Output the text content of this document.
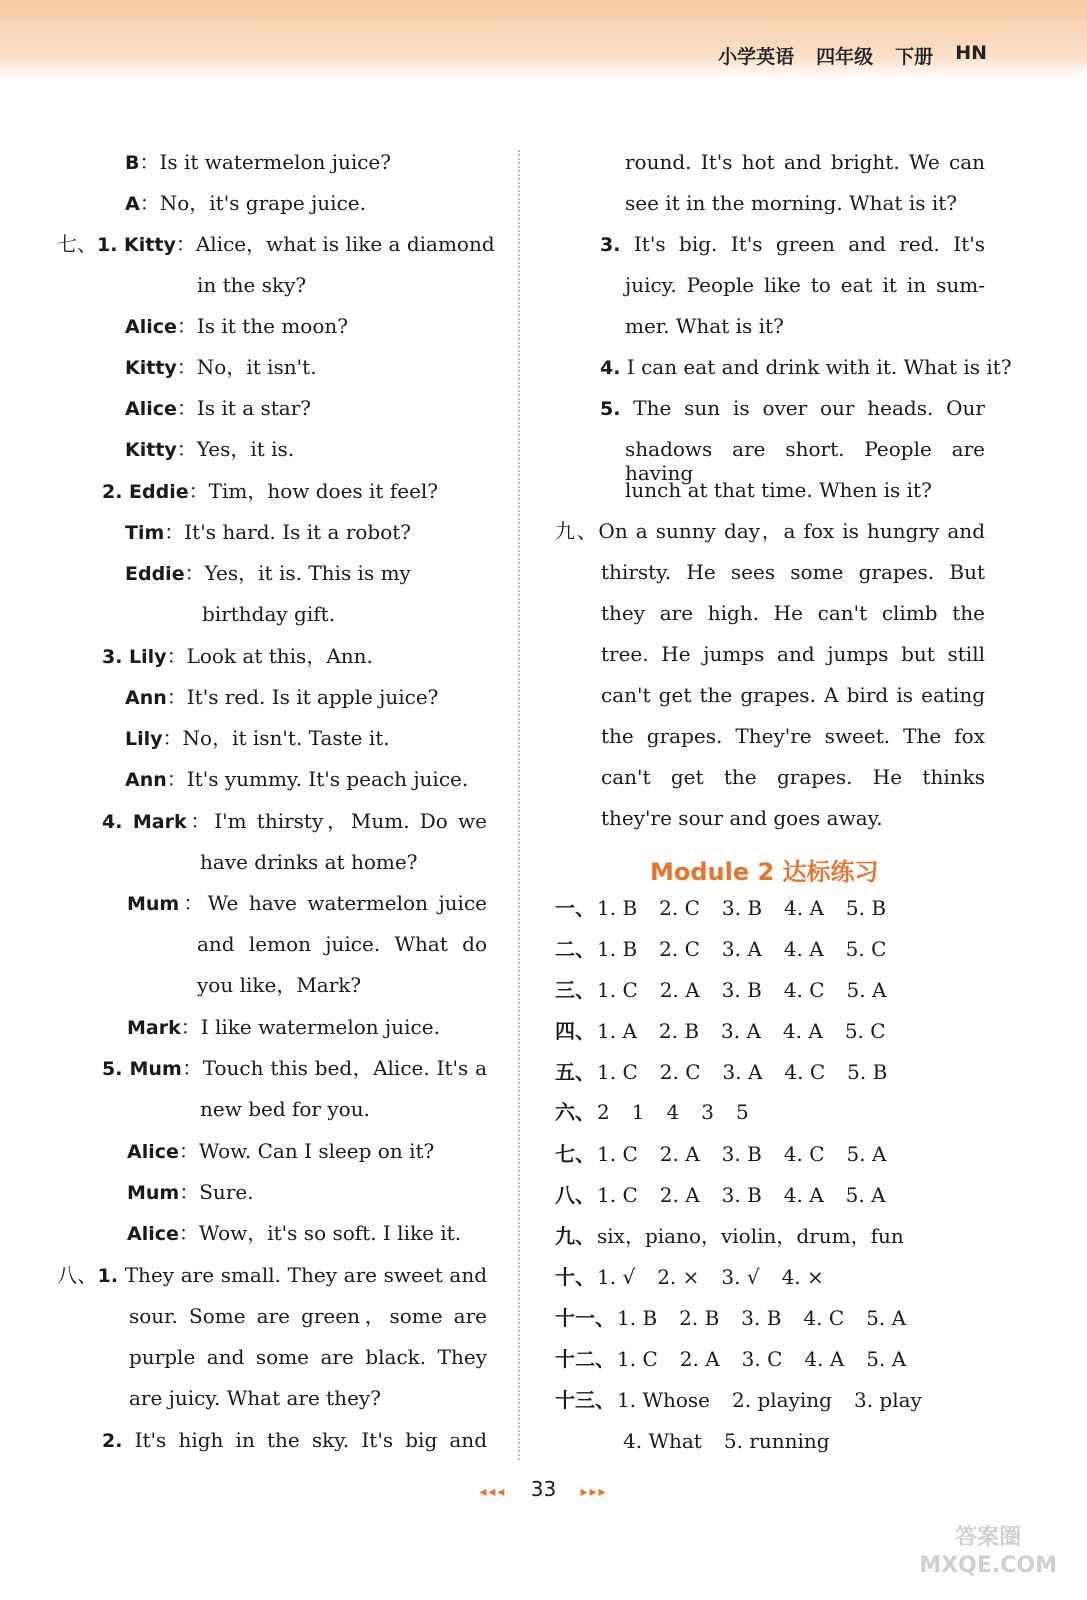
小学英语 四年级 下册 HN
B：Is it watermelon juice?
A：No，it's grape juice.
七、1. Kitty：Alice，what is like a diamond
in the sky?
Alice：Is it the moon?
Kitty：No，it isn't.
Alice：Is it a star?
Kitty：Yes，it is.
2. Eddie：Tim，how does it feel?
Tim：It's hard. Is it a robot?
Eddie：Yes，it is. This is my
birthday gift.
3. Lily：Look at this，Ann.
Ann：It's red. Is it apple juice?
Lily：No，it isn't. Taste it.
Ann：It's yummy. It's peach juice.
4. Mark：I'm thirsty，Mum. Do we
have drinks at home?
Mum：We have watermelon juice
and lemon juice. What do
you like，Mark?
Mark：I like watermelon juice.
5. Mum：Touch this bed，Alice. It's a
new bed for you.
Alice：Wow. Can I sleep on it?
Mum：Sure.
Alice：Wow，it's so soft. I like it.
八、1. They are small. They are sweet and
sour. Some are green，some are
purple and some are black. They
are juicy. What are they?
2. It's high in the sky. It's big and
round. It's hot and bright. We can
see it in the morning. What is it?
3. It's big. It's green and red. It's
juicy. People like to eat it in sum-
mer. What is it?
4. I can eat and drink with it. What is it?
5. The sun is over our heads. Our
shadows are short. People are having
lunch at that time. When is it?
九、On a sunny day，a fox is hungry and
thirsty. He sees some grapes. But
they are high. He can't climb the
tree. He jumps and jumps but still
can't get the grapes. A bird is eating
the grapes. They're sweet. The fox
can't get the grapes. He thinks
they're sour and goes away.
Module 2 达标练习
一、 1. B 2. C 3. B 4. A 5. B
二、 1. B 2. C 3. A 4. A 5. C
三、 1. C 2. A 3. B 4. C 5. A
四、 1. A 2. B 3. A 4. A 5. C
五、 1. C 2. C 3. A 4. C 5. B
六、 2 1 4 3 5
七、 1. C 2. A 3. B 4. C 5. A
八、 1. C 2. A 3. B 4. A 5. A
九、 six，piano，violin，drum，fun
十、 1. √ 2. × 3. √ 4. ×
十一、 1. B 2. B 3. B 4. C 5. A
十二、 1. C 2. A 3. C 4. A 5. A
十三、 1. Whose 2. playing 3. play
4. What 5. running
◂◂◂ 33 ▸▸▸
答案圈
MXQE.COM
